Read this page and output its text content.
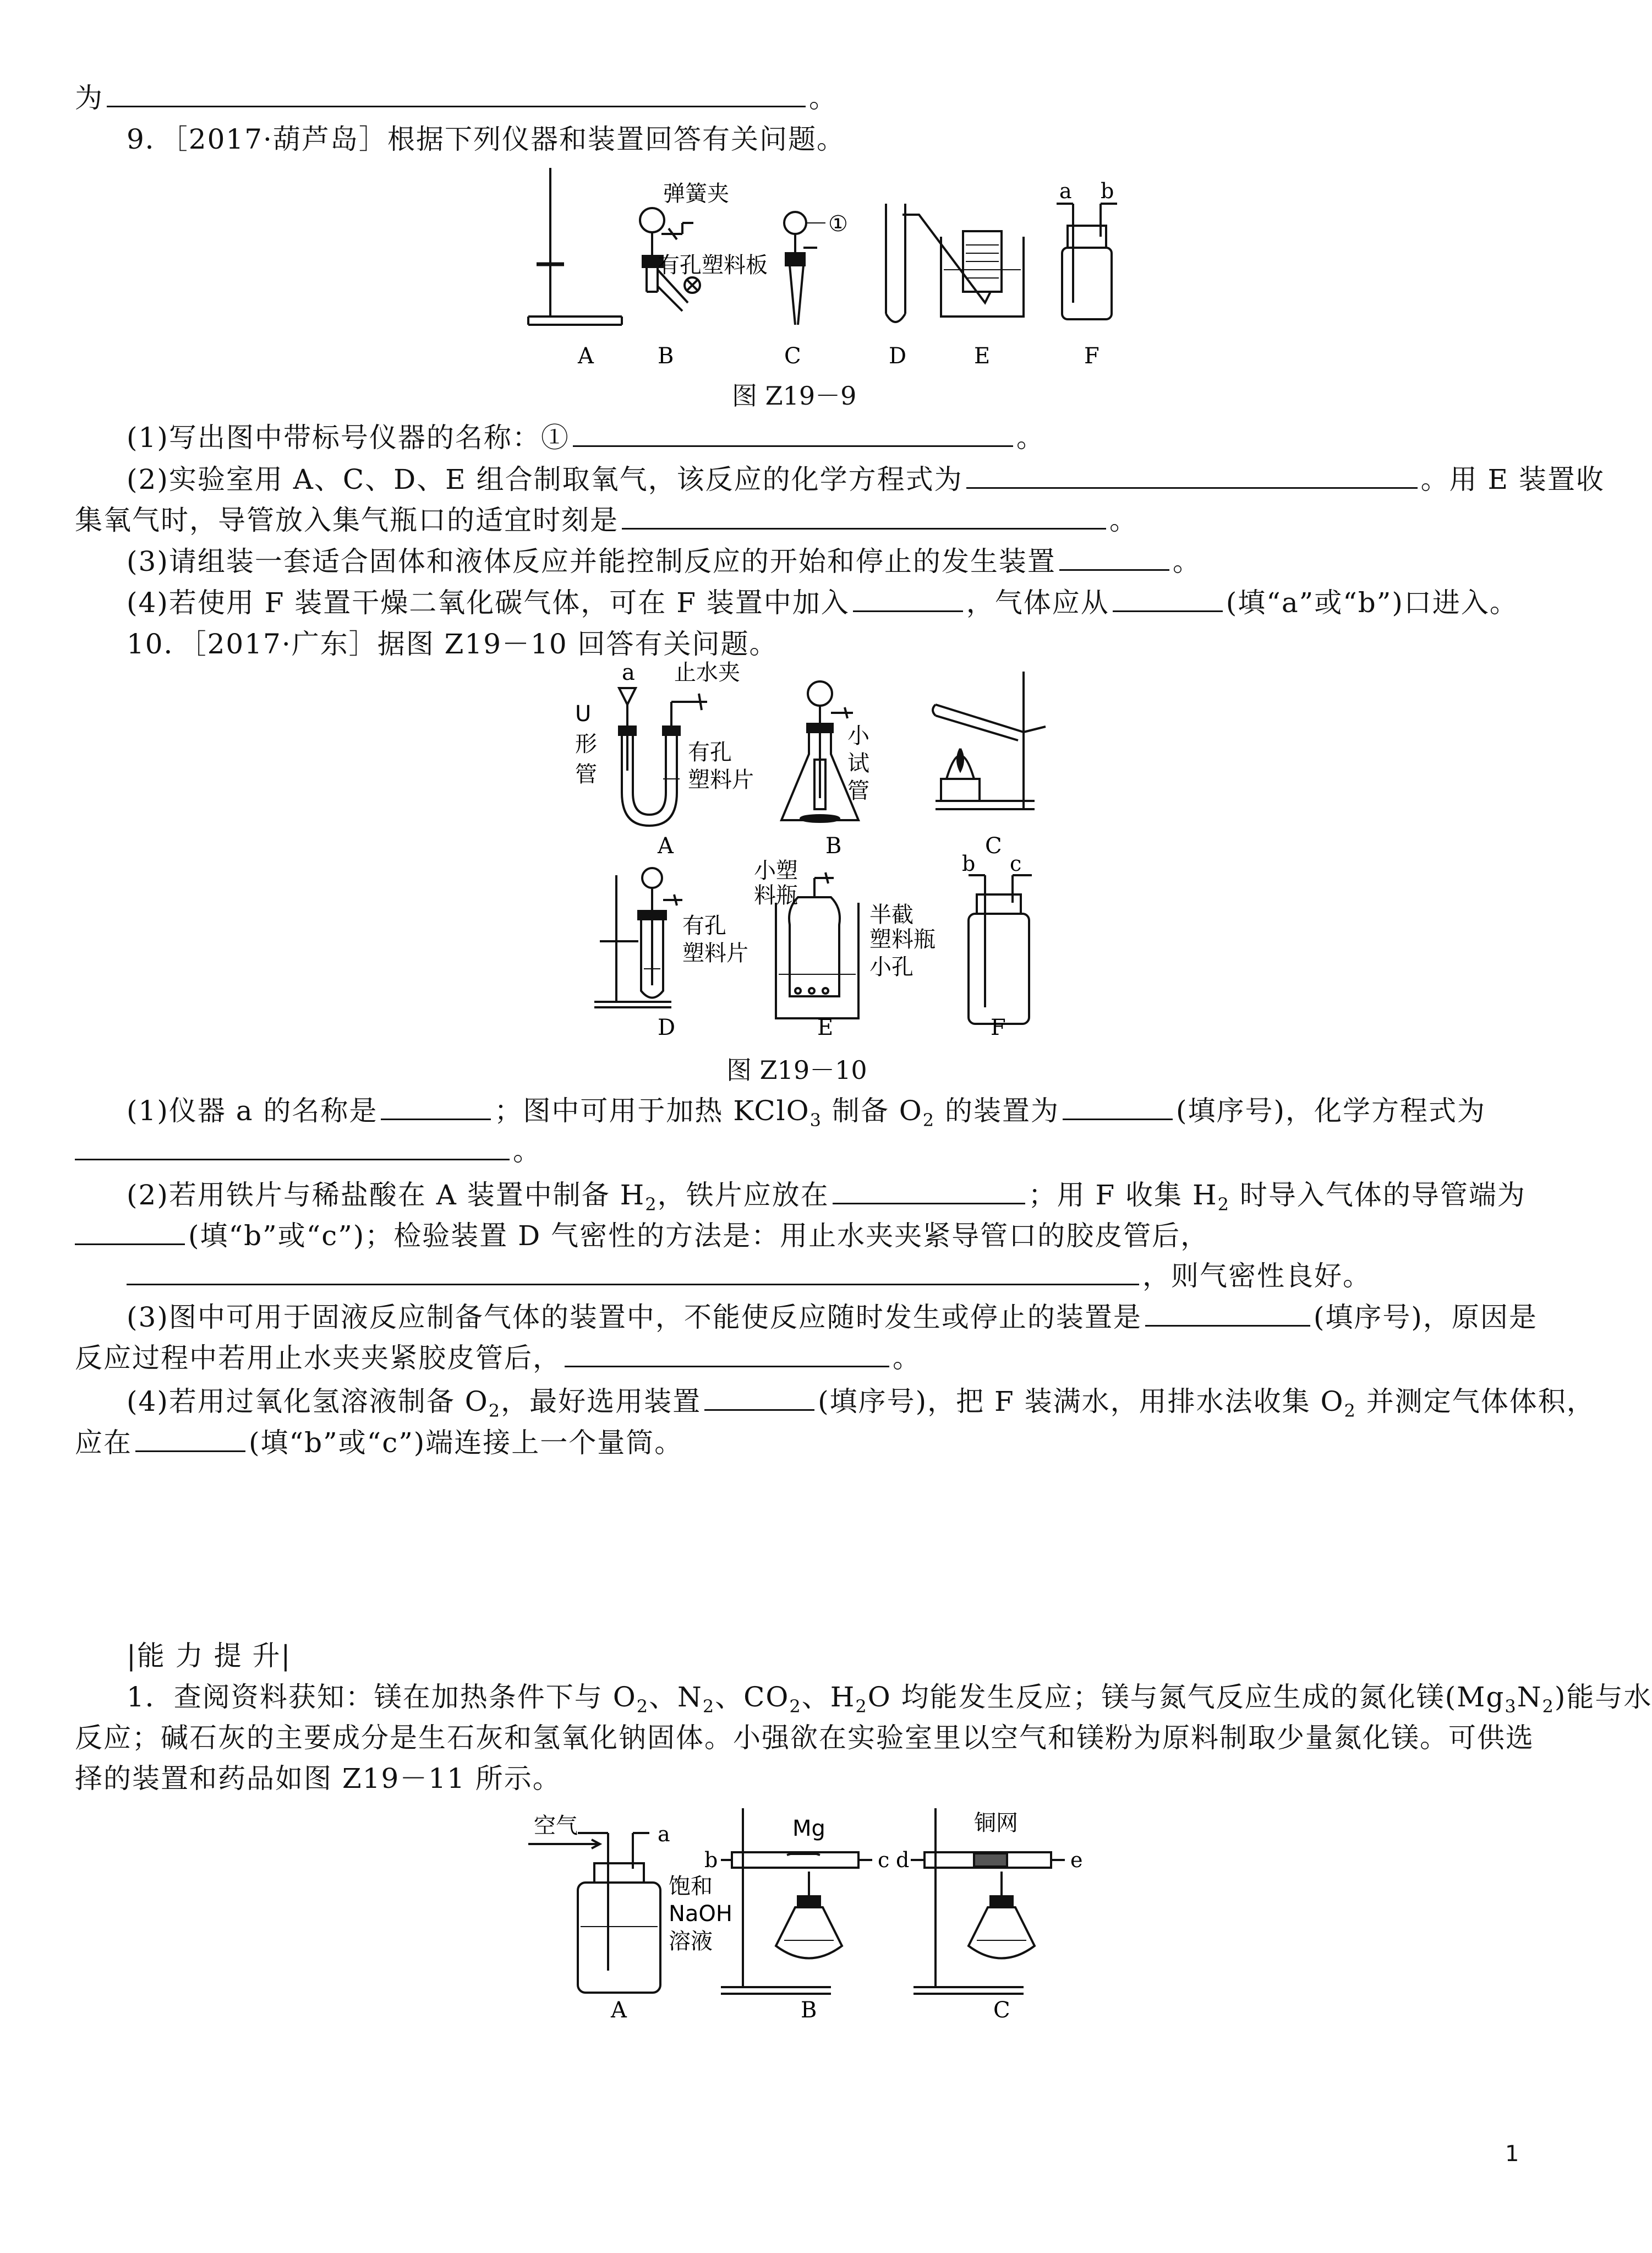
为	。
9．［2017·葫芦岛］根据下列仪器和装置回答有关问题。
弹簧夹
有孔塑料板
①
a b
A	B	C	D	E	F
图 Z19－9
(1)写出图中带标号仪器的名称：①	。
(2)实验室用 A、C、D、E 组合制取氧气，该反应的化学方程式为	。用 E 装置收
集氧气时，导管放入集气瓶口的适宜时刻是	。
(3)请组装一套适合固体和液体反应并能控制反应的开始和停止的发生装置	。
(4)若使用 F 装置干燥二氧化碳气体，可在 F 装置中加入	，气体应从	(填“a”或“b”)口进入。
10．［2017·广东］据图 Z19－10 回答有关问题。
a 止水夹
U
形
管
有孔
塑料片
小
试
管
A	B	C
有孔
塑料片
小塑
料瓶
半截
塑料瓶
小孔
b c
D	E	F
图 Z19－10
(1)仪器 a 的名称是	；图中可用于加热 KClO$_3$ 制备 $O_2$ 的装置为	(填序号)，化学方程式为
。
(2)若用铁片与稀盐酸在 A 装置中制备 $H_2$，铁片应放在	；用 F 收集 $H_2$ 时导入气体的导管端为
(填“b”或“c”)；检验装置 D 气密性的方法是：用止水夹夹紧导管口的胶皮管后，
，则气密性良好。
(3)图中可用于固液反应制备气体的装置中，不能使反应随时发生或停止的装置是	(填序号)，原因是
反应过程中若用止水夹夹紧胶皮管后，	。
(4)若用过氧化氢溶液制备 $O_2$，最好选用装置	(填序号)，把 F 装满水，用排水法收集 $O_2$ 并测定气体体积，
应在	(填“b”或“c”)端连接上一个量筒。
|能 力 提 升|
1．查阅资料获知：镁在加热条件下与 $O_2$、$N_2$、$CO_2$、$H_2O$ 均能发生反应；镁与氮气反应生成的氮化镁$(Mg_3N_2)$能与水
反应；碱石灰的主要成分是生石灰和氢氧化钠固体。小强欲在实验室里以空气和镁粉为原料制取少量氮化镁。可供选
择的装置和药品如图 Z19－11 所示。
空气	a
饱和
NaOH
溶液
Mg
b	c d	e
铜网
A	B	C
1
